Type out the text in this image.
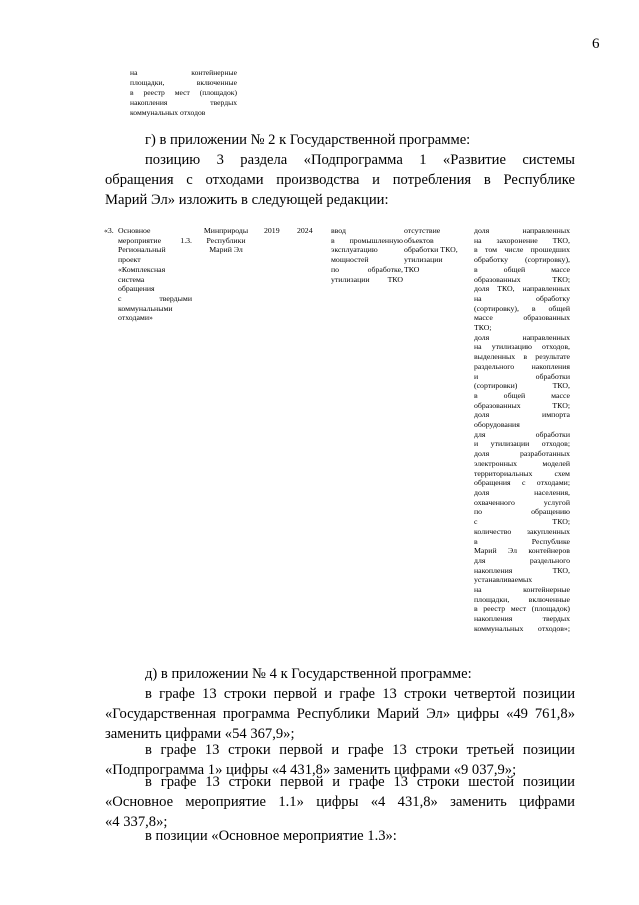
6
на контейнерные
площадки, включенные
в реестр мест (площадок)
накопления твердых
коммунальных отходов
г) в приложении № 2 к Государственной программе:
позицию 3 раздела «Подпрограмма 1 «Развитие системы
обращения с отходами производства и потребления в Республике
Марий Эл» изложить в следующей редакции:
«3. Основное
мероприятие 1.3.
Региональный
проект
«Комплексная
система
обращения
с твердыми
коммунальными
отходами»
Минприроды
Республики
Марий Эл
2019	2024	ввод
в промышленную
эксплуатацию
мощностей
по обработке,
утилизации ТКО
отсутствие
объектов
обработки ТКО,
утилизации
ТКО
доля направленных
на захоронение ТКО,
в том числе прошедших
обработку (сортировку),
в общей массе
образованных ТКО;
доля ТКО, направленных
на обработку
(сортировку), в общей
массе образованных
ТКО;
доля направленных
на утилизацию отходов,
выделенных в результате
раздельного накопления
и обработки
(сортировки) ТКО,
в общей массе
образованных ТКО;
доля импорта
оборудования
для обработки
и утилизации отходов;
доля разработанных
электронных моделей
территориальных схем
обращения с отходами;
доля населения,
охваченного услугой
по обращению
с ТКО;
количество закупленных
в Республике
Марий Эл контейнеров
для раздельного
накопления ТКО,
устанавливаемых
на контейнерные
площадки, включенные
в реестр мест (площадок)
накопления твердых
коммунальных отходов»;
д) в приложении № 4 к Государственной программе:
в графе 13 строки первой и графе 13 строки четвертой позиции
«Государственная программа Республики Марий Эл» цифры «49 761,8»
заменить цифрами «54 367,9»;
в графе 13 строки первой и графе 13 строки третьей позиции
«Подпрограмма 1» цифры «4 431,8» заменить цифрами «9 037,9»;
в графе 13 строки первой и графе 13 строки шестой позиции
«Основное мероприятие 1.1» цифры «4 431,8» заменить цифрами
«4 337,8»;
в позиции «Основное мероприятие 1.3»:
